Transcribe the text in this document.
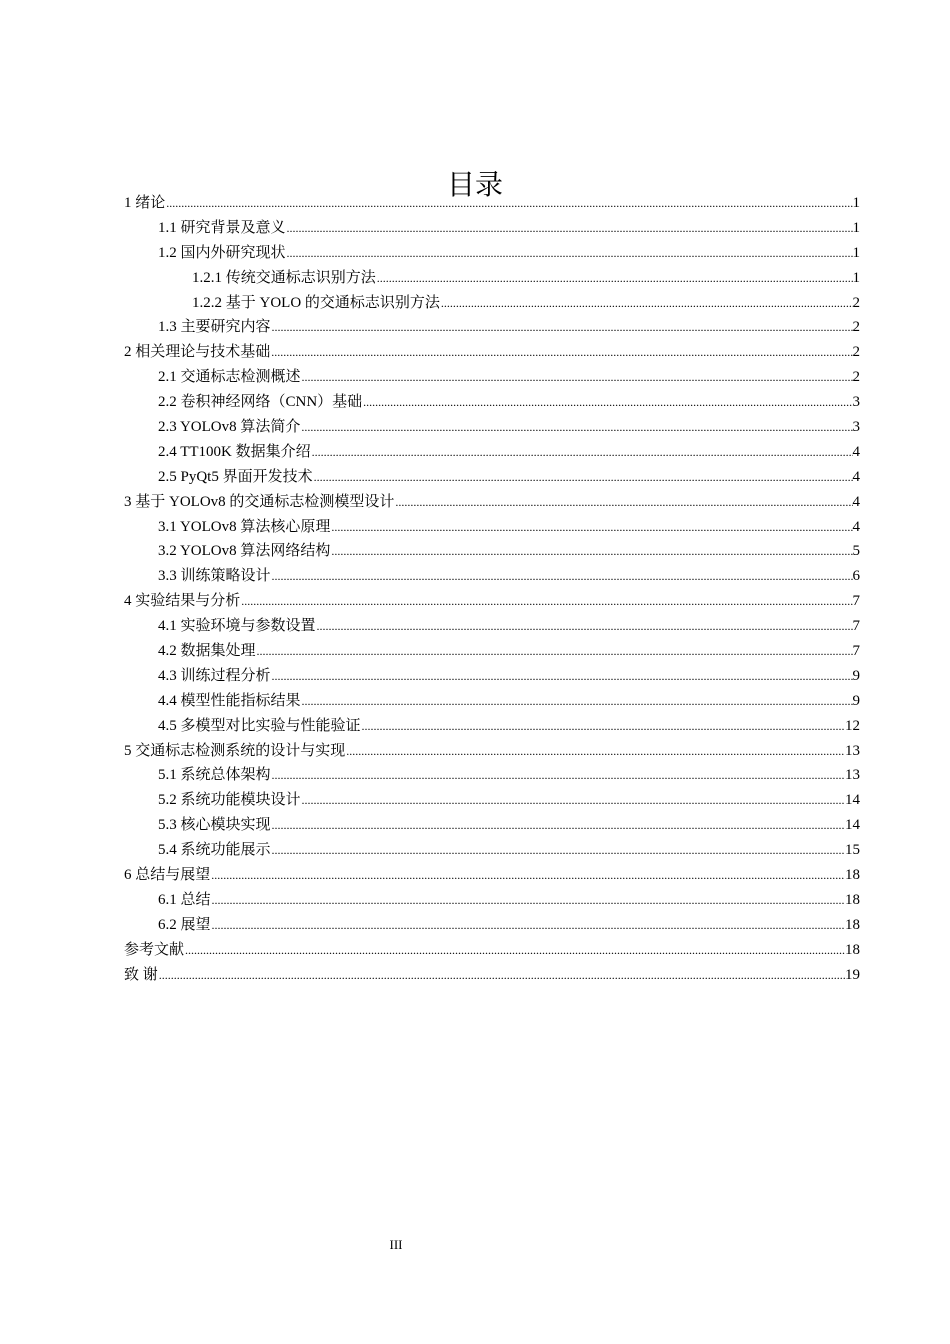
目录
1 绪论 .....	1
1.1 研究背景及意义 .....	1
1.2 国内外研究现状 .....	1
1.2.1 传统交通标志识别方法 .....	1
1.2.2 基于 YOLO 的交通标志识别方法 .....	2
1.3 主要研究内容 .....	2
2 相关理论与技术基础 .....	2
2.1 交通标志检测概述 .....	2
2.2 卷积神经网络（CNN）基础 .....	3
2.3 YOLOv8 算法简介 .....	3
2.4 TT100K 数据集介绍 .....	4
2.5 PyQt5 界面开发技术 .....	4
3 基于 YOLOv8 的交通标志检测模型设计 .....	4
3.1 YOLOv8 算法核心原理 .....	4
3.2 YOLOv8 算法网络结构 .....	5
3.3 训练策略设计 .....	6
4 实验结果与分析 .....	7
4.1 实验环境与参数设置 .....	7
4.2 数据集处理 .....	7
4.3 训练过程分析 .....	9
4.4 模型性能指标结果 .....	9
4.5 多模型对比实验与性能验证 .....	12
5 交通标志检测系统的设计与实现 .....	13
5.1 系统总体架构 .....	13
5.2 系统功能模块设计 .....	14
5.3 核心模块实现 .....	14
5.4 系统功能展示 .....	15
6 总结与展望 .....	18
6.1 总结 .....	18
6.2 展望 .....	18
参考文献 .....	18
致 谢 .....	19
III
